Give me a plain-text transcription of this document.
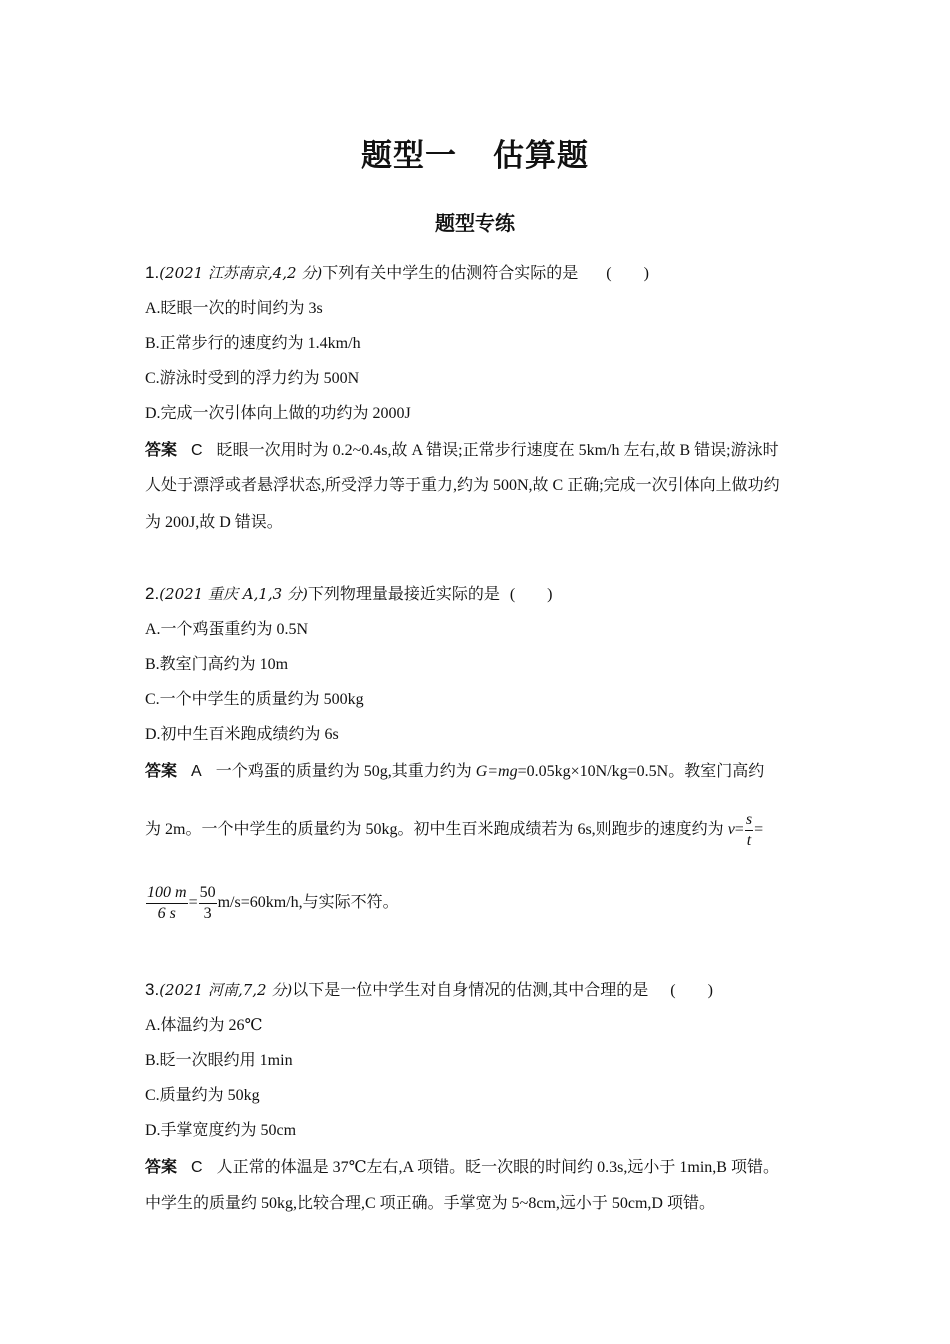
题型一 估算题
题型专练
1.(2021 江苏南京,4,2 分)下列有关中学生的估测符合实际的是 (　　)
A.眨眼一次的时间约为 3s
B.正常步行的速度约为 1.4km/h
C.游泳时受到的浮力约为 500N
D.完成一次引体向上做的功约为 2000J
答案 C 眨眼一次用时为 0.2~0.4s,故 A 错误;正常步行速度在 5km/h 左右,故 B 错误;游泳时
人处于漂浮或者悬浮状态,所受浮力等于重力,约为 500N,故 C 正确;完成一次引体向上做功约
为 200J,故 D 错误。
2.(2021 重庆 A,1,3 分)下列物理量最接近实际的是 (　　)
A.一个鸡蛋重约为 0.5N
B.教室门高约为 10m
C.一个中学生的质量约为 500kg
D.初中生百米跑成绩约为 6s
答案 A 一个鸡蛋的质量约为 50g,其重力约为 G=mg=0.05kg×10N/kg=0.5N。教室门高约
为 2m。一个中学生的质量约为 50kg。初中生百米跑成绩若为 6s,则跑步的速度约为 $v= \frac{s}{t}$ =
$\frac{100 m}{6 s} = \frac{50}{3} m/s=60km/h$,与实际不符。
3.(2021 河南,7,2 分)以下是一位中学生对自身情况的估测,其中合理的是 (　　)
A.体温约为 26℃
B.眨一次眼约用 1min
C.质量约为 50kg
D.手掌宽度约为 50cm
答案 C 人正常的体温是 37℃左右,A 项错。眨一次眼的时间约 0.3s,远小于 1min,B 项错。
中学生的质量约 50kg,比较合理,C 项正确。手掌宽为 5~8cm,远小于 50cm,D 项错。
